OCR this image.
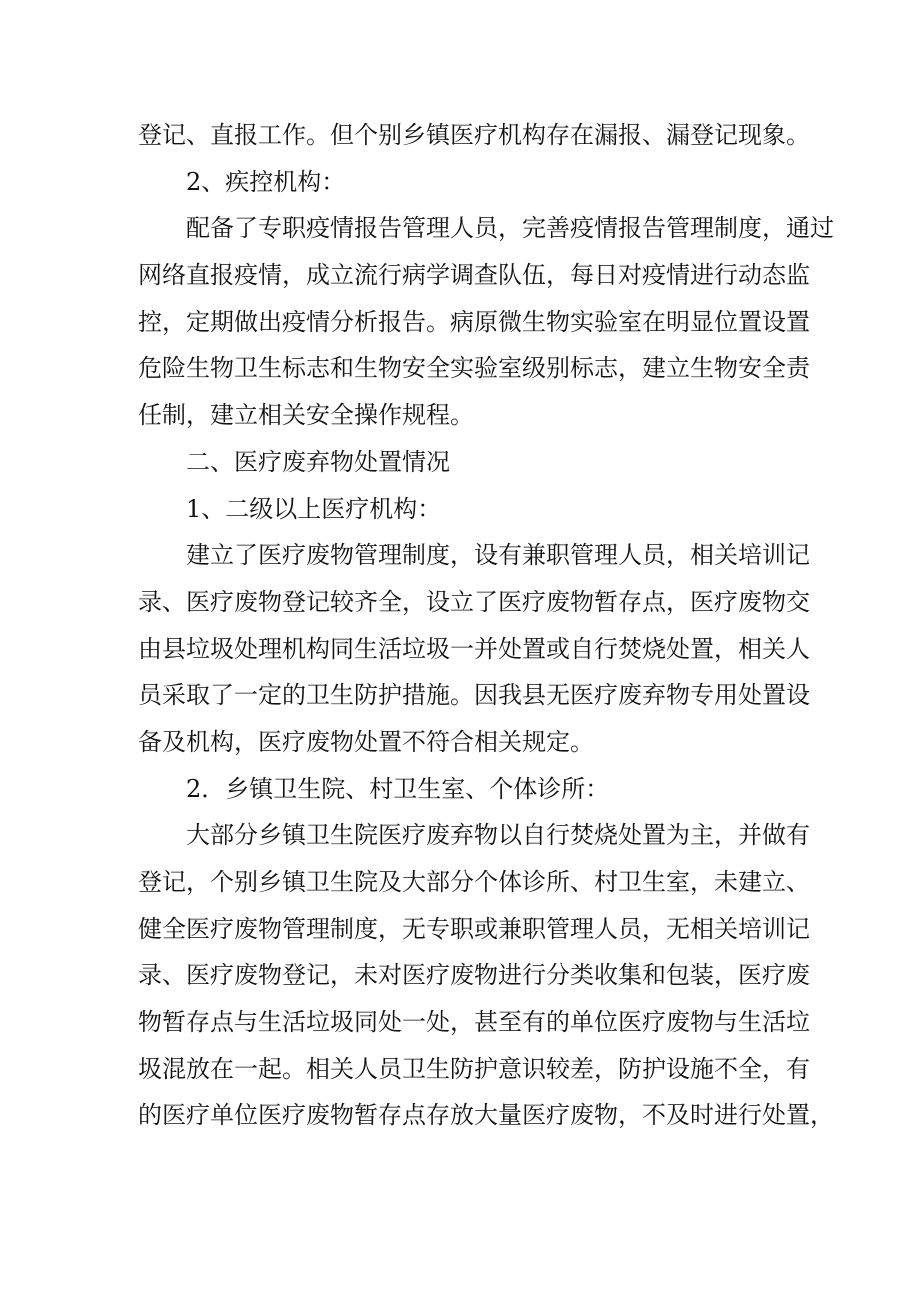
登记、直报工作。但个别乡镇医疗机构存在漏报、漏登记现象。
2、疾控机构：
配备了专职疫情报告管理人员，完善疫情报告管理制度，通过
网络直报疫情，成立流行病学调查队伍，每日对疫情进行动态监
控，定期做出疫情分析报告。病原微生物实验室在明显位置设置
危险生物卫生标志和生物安全实验室级别标志，建立生物安全责
任制，建立相关安全操作规程。
二、医疗废弃物处置情况
1、二级以上医疗机构：
建立了医疗废物管理制度，设有兼职管理人员，相关培训记
录、医疗废物登记较齐全，设立了医疗废物暂存点，医疗废物交
由县垃圾处理机构同生活垃圾一并处置或自行焚烧处置，相关人
员采取了一定的卫生防护措施。因我县无医疗废弃物专用处置设
备及机构，医疗废物处置不符合相关规定。
2．乡镇卫生院、村卫生室、个体诊所：
大部分乡镇卫生院医疗废弃物以自行焚烧处置为主，并做有
登记，个别乡镇卫生院及大部分个体诊所、村卫生室，未建立、
健全医疗废物管理制度，无专职或兼职管理人员，无相关培训记
录、医疗废物登记，未对医疗废物进行分类收集和包装，医疗废
物暂存点与生活垃圾同处一处，甚至有的单位医疗废物与生活垃
圾混放在一起。相关人员卫生防护意识较差，防护设施不全，有
的医疗单位医疗废物暂存点存放大量医疗废物，不及时进行处置，
